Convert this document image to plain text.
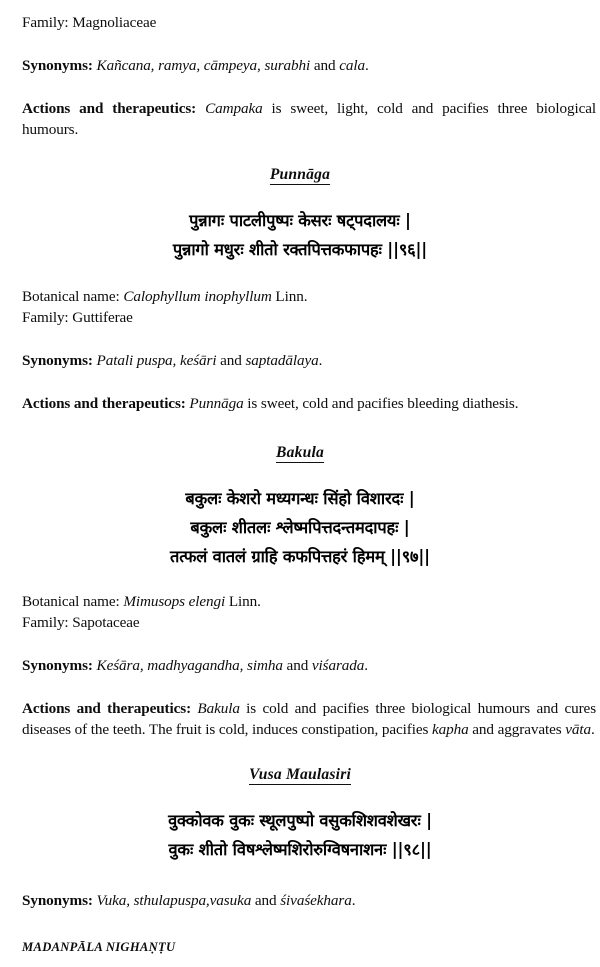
Family: Magnoliaceae

Synonyms: Kañcana, ramya, cāmpeya, surabhi and cala.

Actions and therapeutics: Campaka is sweet, light, cold and pacifies three biological humours.

Punnāga

पुन्नागः पाटलीपुष्पः केसरः षट्पदालयः |

पुन्नागो मधुरः शीतो रक्तपित्तकफापहः ||९६||

Botanical name: Calophyllum inophyllum Linn.

Family: Guttiferae

Synonyms: Patali puspa, keśāri and saptadālaya.

Actions and therapeutics: Punnāga is sweet, cold and pacifies bleeding diathesis.

Bakula

बकुलः केशरो मध्यगन्धः सिंहो विशारदः |

बकुलः शीतलः श्लेष्मपित्तदन्तमदापहः |

तत्फलं वातलं ग्राहि कफपित्तहरं हिमम् ||९७||

Botanical name: Mimusops elengi Linn.

Family: Sapotaceae

Synonyms: Keśāra, madhyagandha, simha and viśarada.

Actions and therapeutics: Bakula is cold and pacifies three biological humours and cures diseases of the teeth. The fruit is cold, induces constipation, pacifies kapha and aggravates vāta.

Vusa Maulasiri

वुक्कोवक वुकः स्थूलपुष्पो वसुकशिशवशेखरः |

वुकः शीतो विषश्लेष्मशिरोरुग्विषनाशनः ||९८||

Synonyms: Vuka, sthulapuspa,vasuka and śivaśekhara.

MADANPĀLA NIGHAṆṬU
